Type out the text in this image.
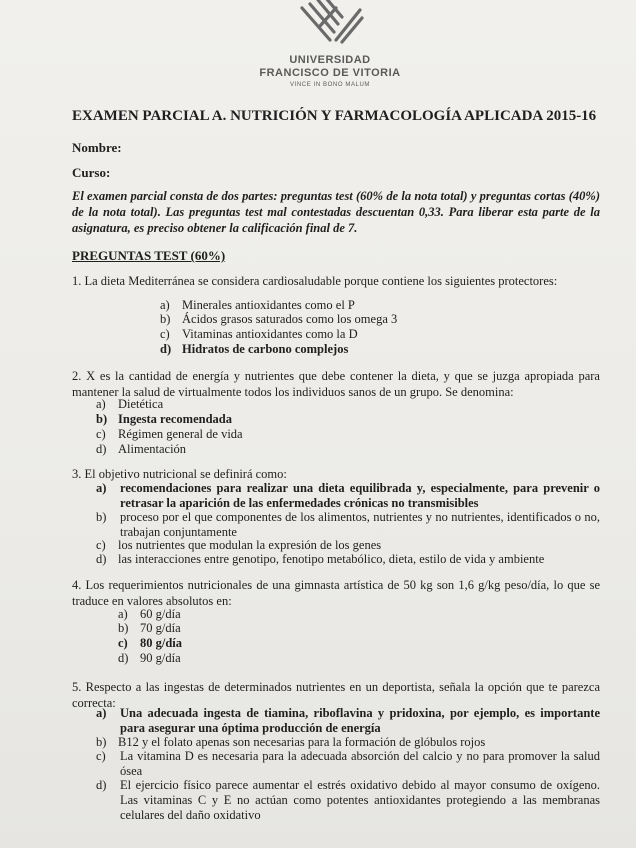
UNIVERSIDAD
FRANCISCO DE VITORIA
VINCE IN BONO MALUM
EXAMEN PARCIAL A. NUTRICIÓN Y FARMACOLOGÍA APLICADA 2015-16
Nombre:
Curso:
El examen parcial consta de dos partes: preguntas test (60% de la nota total) y preguntas cortas (40%) de la nota total). Las preguntas test mal contestadas descuentan 0,33. Para liberar esta parte de la asignatura, es preciso obtener la calificación final de 7.
PREGUNTAS TEST (60%)
1. La dieta Mediterránea se considera cardiosaludable porque contiene los siguientes protectores:
a) Minerales antioxidantes como el P
b) Ácidos grasos saturados como los omega 3
c) Vitaminas antioxidantes como la D
d) Hidratos de carbono complejos
2. X es la cantidad de energía y nutrientes que debe contener la dieta, y que se juzga apropiada para mantener la salud de virtualmente todos los individuos sanos de un grupo. Se denomina:
a) Dietética
b) Ingesta recomendada
c) Régimen general de vida
d) Alimentación
3. El objetivo nutricional se definirá como:
a) recomendaciones para realizar una dieta equilibrada y, especialmente, para prevenir o retrasar la aparición de las enfermedades crónicas no transmisibles
b) proceso por el que componentes de los alimentos, nutrientes y no nutrientes, identificados o no, trabajan conjuntamente
c) los nutrientes que modulan la expresión de los genes
d) las interacciones entre genotipo, fenotipo metabólico, dieta, estilo de vida y ambiente
4. Los requerimientos nutricionales de una gimnasta artística de 50 kg son 1,6 g/kg peso/día, lo que se traduce en valores absolutos en:
a) 60 g/día
b) 70 g/día
c) 80 g/día
d) 90 g/día
5. Respecto a las ingestas de determinados nutrientes en un deportista, señala la opción que te parezca correcta:
a) Una adecuada ingesta de tiamina, riboflavina y pridoxina, por ejemplo, es importante para asegurar una óptima producción de energía
b) B12 y el folato apenas son necesarias para la formación de glóbulos rojos
c) La vitamina D es necesaria para la adecuada absorción del calcio y no para promover la salud ósea
d) El ejercicio físico parece aumentar el estrés oxidativo debido al mayor consumo de oxígeno. Las vitaminas C y E no actúan como potentes antioxidantes protegiendo a las membranas celulares del daño oxidativo
